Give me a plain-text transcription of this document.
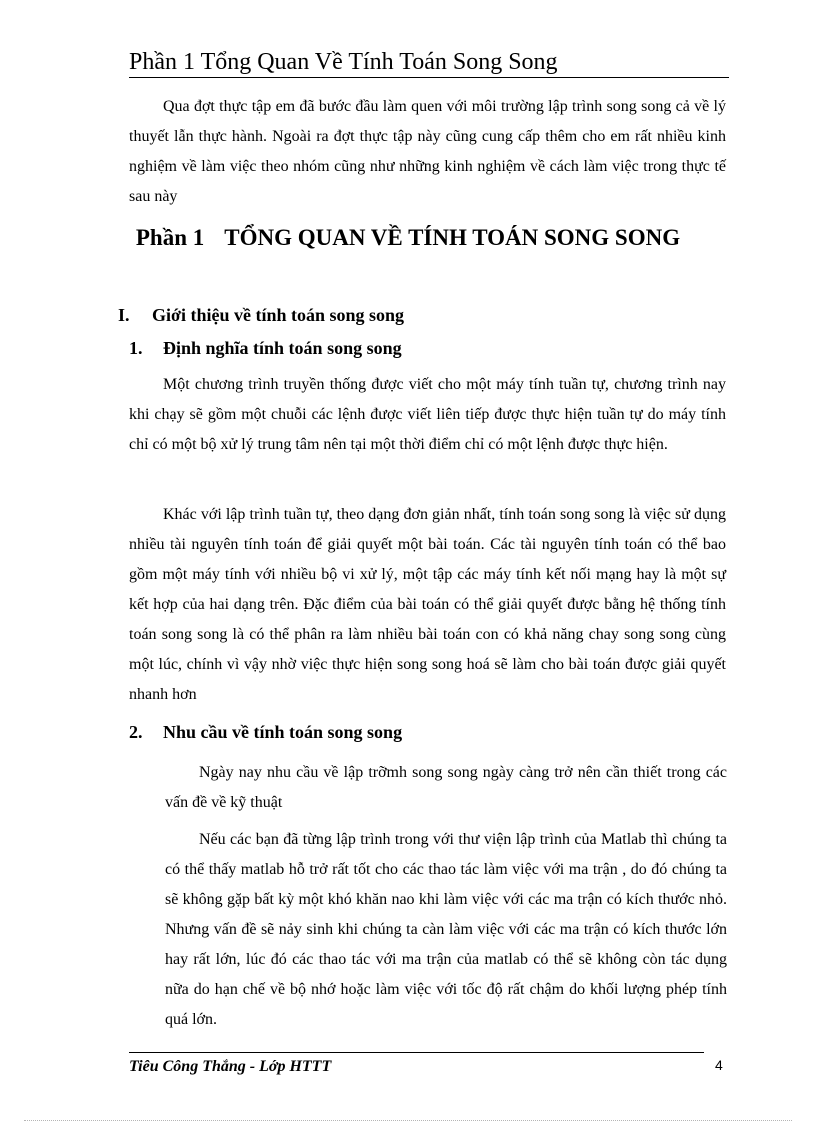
Phần 1 Tổng Quan Về Tính Toán Song Song

Qua đợt thực tập em đã bước đầu làm quen với môi trường lập trình song song cả về lý thuyết lẫn thực hành. Ngoài ra đợt thực tập này cũng cung cấp thêm cho em rất nhiều kinh nghiệm về làm việc theo nhóm cũng như những kinh nghiệm về cách làm việc trong thực tế sau này

Phần 1 TỔNG QUAN VỀ TÍNH TOÁN SONG SONG
I. Giới thiệu về tính toán song song
1. Định nghĩa tính toán song song

Một chương trình truyền thống được viết cho một máy tính tuần tự, chương trình nay khi chạy sẽ gồm một chuỗi các lệnh được viết liên tiếp được thực hiện tuần tự do máy tính chỉ có một bộ xử lý trung tâm nên tại một thời điểm chỉ có một lệnh được thực hiện.

Khác với lập trình tuần tự, theo dạng đơn giản nhất, tính toán song song là việc sử dụng nhiều tài nguyên tính toán để giải quyết một bài toán. Các tài nguyên tính toán có thể bao gồm một máy tính với nhiều bộ vi xử lý, một tập các máy tính kết nối mạng hay là một sự kết hợp của hai dạng trên. Đặc điểm của bài toán có thể giải quyết được bằng hệ thống tính toán song song là có thể phân ra làm nhiều bài toán con có khả năng chay song song cùng một lúc, chính vì vậy nhờ việc thực hiện song song hoá sẽ làm cho bài toán được giải quyết nhanh hơn

2. Nhu cầu về tính toán song song

Ngày nay nhu cầu về lập trỡmh song song ngày càng trở nên cần thiết trong các vấn đề về kỹ thuật

Nếu các bạn đã từng lập trình trong với thư viện lập trình của Matlab thì chúng ta có thể thấy matlab hỗ trở rất tốt cho các thao tác làm việc với ma trận , do đó chúng ta sẽ không gặp bất kỳ một khó khăn nao khi làm việc với các ma trận có kích thước nhỏ. Nhưng vấn đề sẽ nảy sinh khi chúng ta càn làm việc với các ma trận có kích thước lớn hay rất lớn, lúc đó các thao tác với ma trận của matlab có thể sẽ không còn tác dụng nữa do hạn chế về bộ nhớ hoặc làm việc với tốc độ rất chậm do khối lượng phép tính quá lớn.

Tiêu Công Thắng - Lớp HTTT	4
